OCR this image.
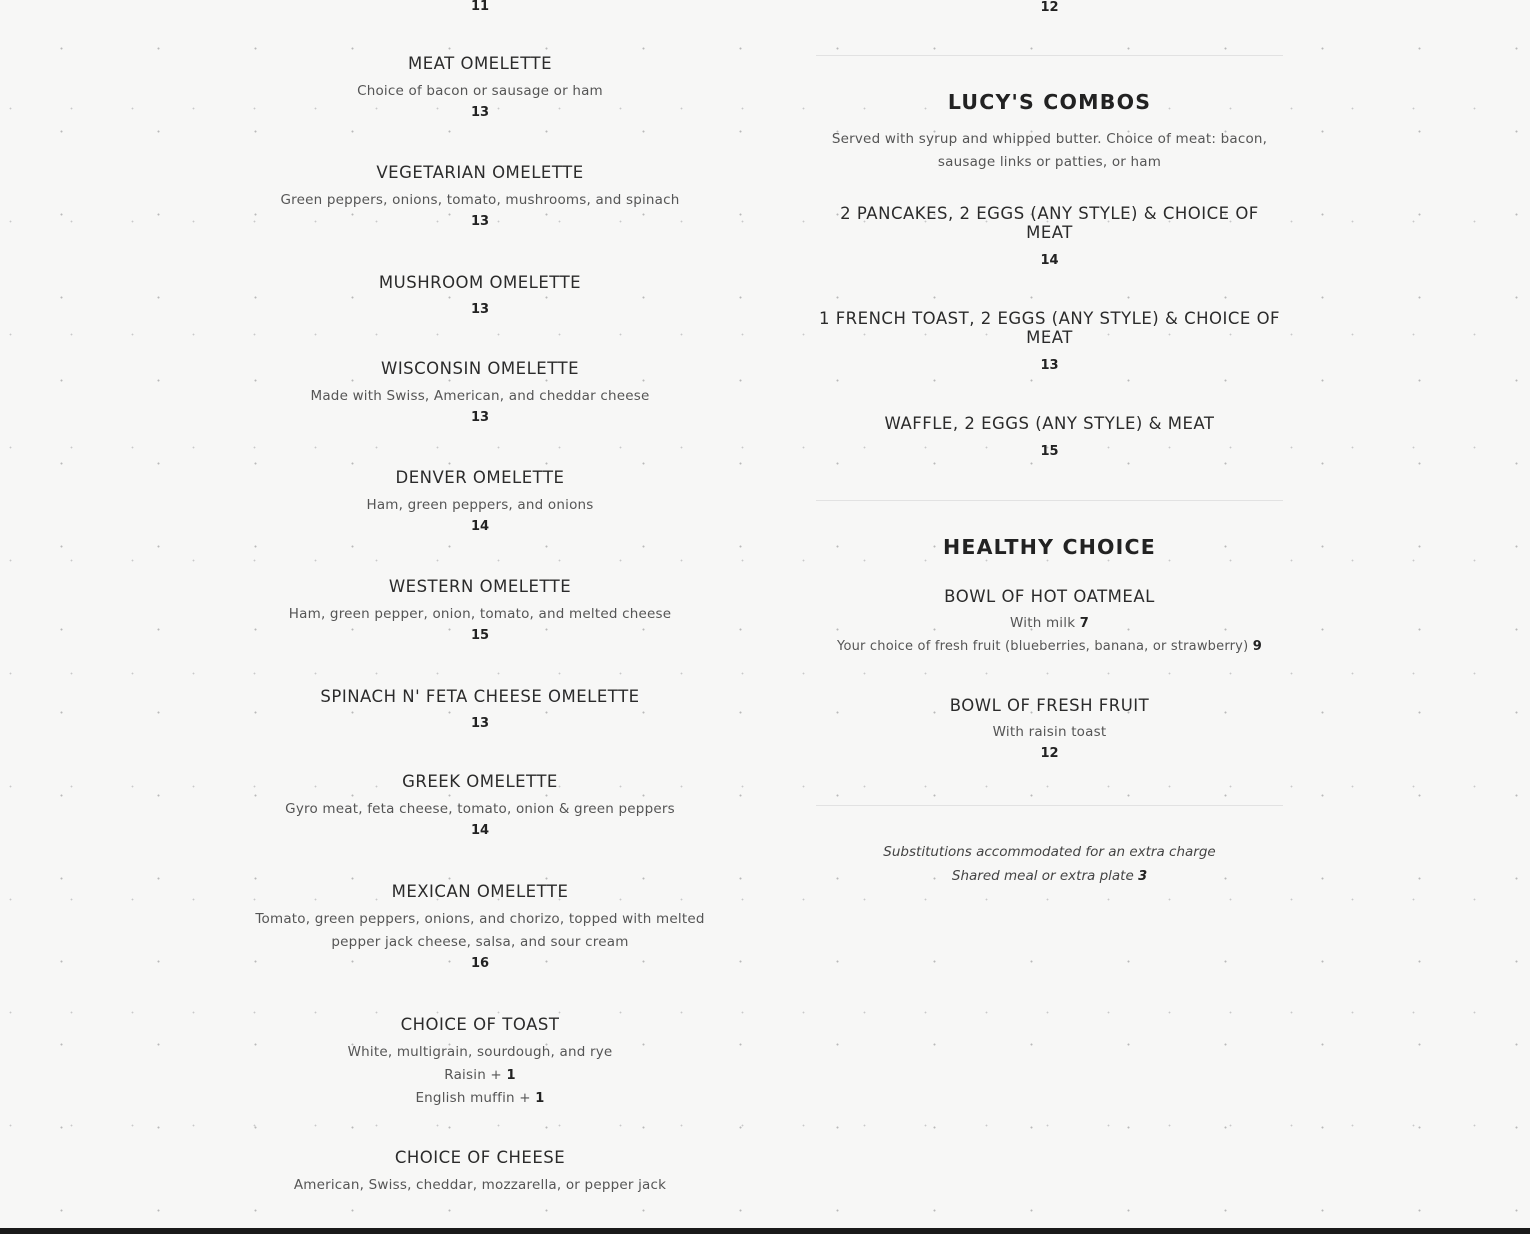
11
MEAT OMELETTE
Choice of bacon or sausage or ham
13
VEGETARIAN OMELETTE
Green peppers, onions, tomato, mushrooms, and spinach
13
MUSHROOM OMELETTE
13
WISCONSIN OMELETTE
Made with Swiss, American, and cheddar cheese
13
DENVER OMELETTE
Ham, green peppers, and onions
14
WESTERN OMELETTE
Ham, green pepper, onion, tomato, and melted cheese
15
SPINACH N' FETA CHEESE OMELETTE
13
GREEK OMELETTE
Gyro meat, feta cheese, tomato, onion & green peppers
14
MEXICAN OMELETTE
Tomato, green peppers, onions, and chorizo, topped with melted
pepper jack cheese, salsa, and sour cream
16
CHOICE OF TOAST
White, multigrain, sourdough, and rye
Raisin + 1
English muffin + 1
CHOICE OF CHEESE
American, Swiss, cheddar, mozzarella, or pepper jack
12
LUCY'S COMBOS
Served with syrup and whipped butter. Choice of meat: bacon,
sausage links or patties, or ham
2 PANCAKES, 2 EGGS (ANY STYLE) & CHOICE OF
MEAT
14
1 FRENCH TOAST, 2 EGGS (ANY STYLE) & CHOICE OF
MEAT
13
WAFFLE, 2 EGGS (ANY STYLE) & MEAT
15
HEALTHY CHOICE
BOWL OF HOT OATMEAL
With milk 7
Your choice of fresh fruit (blueberries, banana, or strawberry) 9
BOWL OF FRESH FRUIT
With raisin toast
12
Substitutions accommodated for an extra charge
Shared meal or extra plate 3
